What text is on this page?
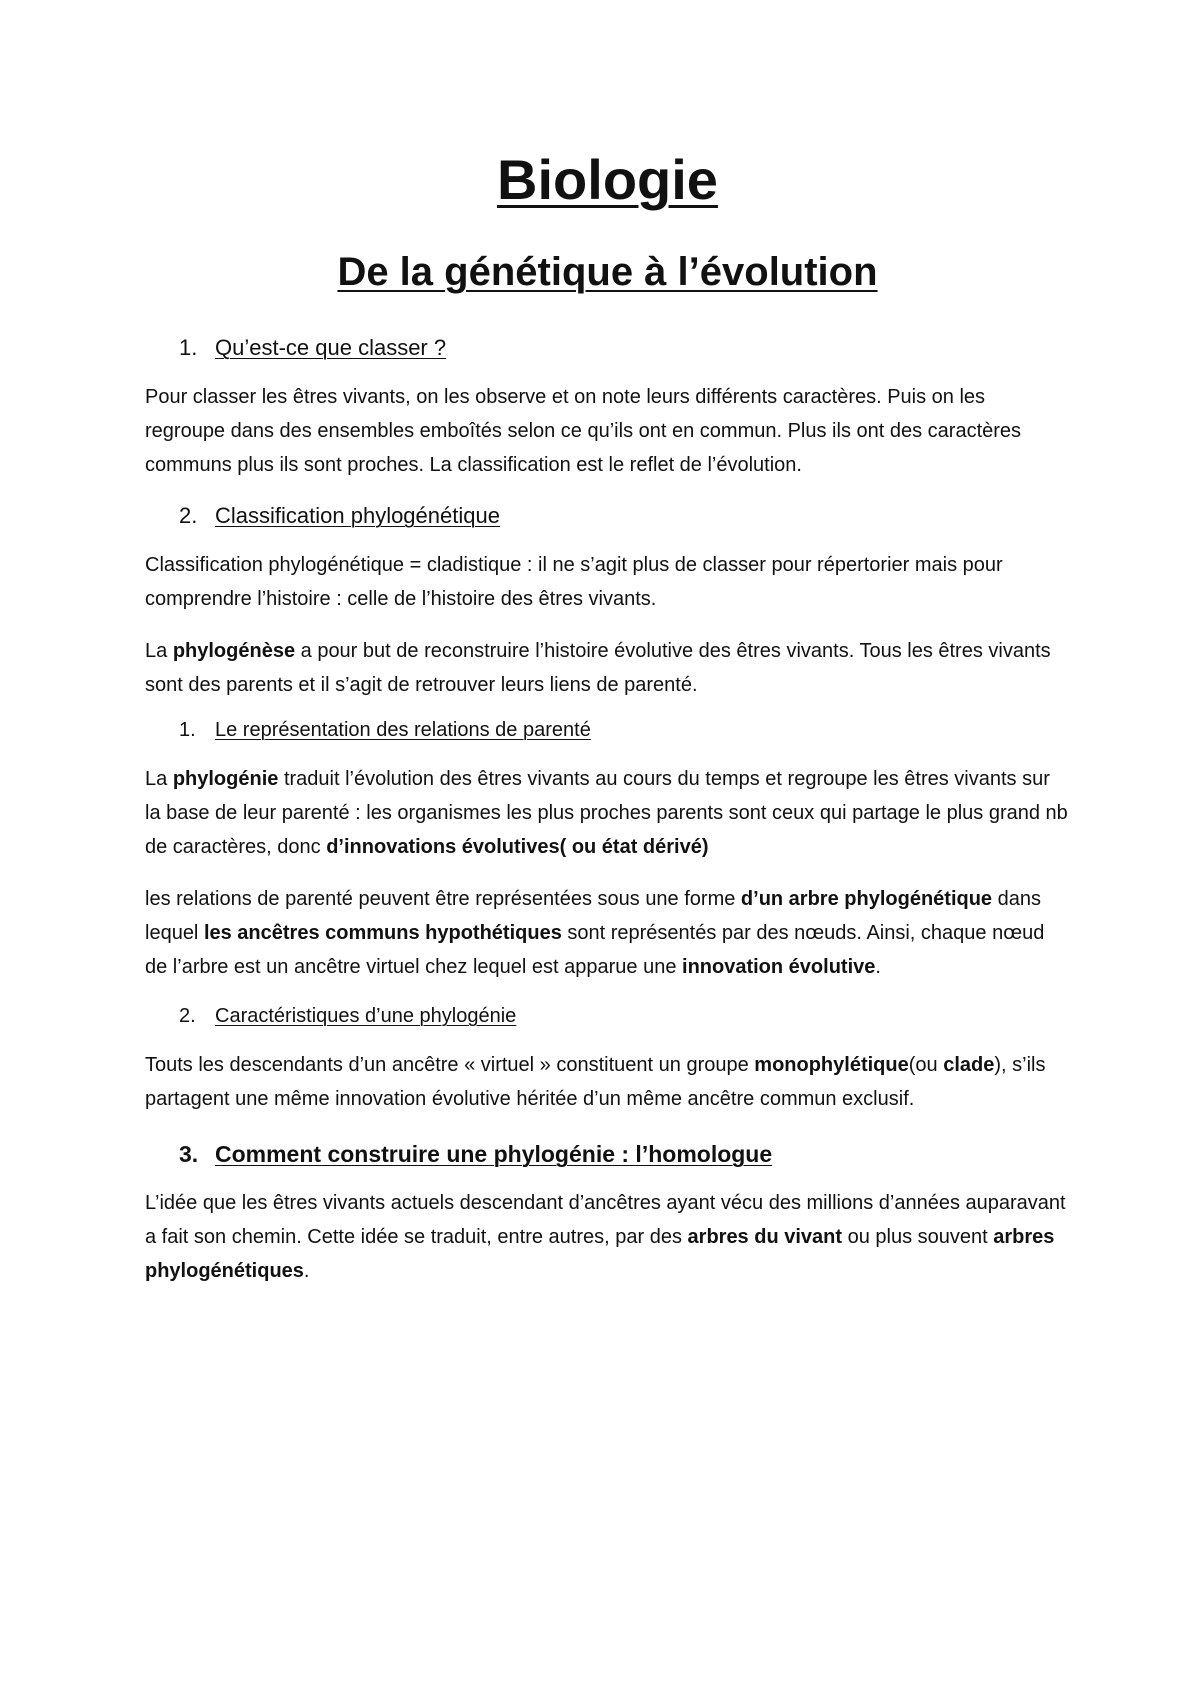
Biologie
De la génétique à l’évolution
1. Qu’est-ce que classer ?

Pour classer les êtres vivants, on les observe et on note leurs différents caractères. Puis on les regroupe dans des ensembles emboîtés selon ce qu’ils ont en commun. Plus ils ont des caractères communs plus ils sont proches. La classification est le reflet de l’évolution.

2. Classification phylogénétique

Classification phylogénétique = cladistique : il ne s’agit plus de classer pour répertorier mais pour comprendre l’histoire : celle de l’histoire des êtres vivants.

La phylogénèse a pour but de reconstruire l’histoire évolutive des êtres vivants. Tous les êtres vivants sont des parents et il s’agit de retrouver leurs liens de parenté.

1. Le représentation des relations de parenté

La phylogénie traduit l’évolution des êtres vivants au cours du temps et regroupe les êtres vivants sur la base de leur parenté : les organismes les plus proches parents sont ceux qui partage le plus grand nb de caractères, donc d’innovations évolutives( ou état dérivé)

les relations de parenté peuvent être représentées sous une forme d’un arbre phylogénétique dans lequel les ancêtres communs hypothétiques sont représentés par des nœuds. Ainsi, chaque nœud de l’arbre est un ancêtre virtuel chez lequel est apparue une innovation évolutive.

2. Caractéristiques d’une phylogénie

Touts les descendants d’un ancêtre « virtuel » constituent un groupe monophylétique(ou clade), s’ils partagent une même innovation évolutive héritée d’un même ancêtre commun exclusif.

3. Comment construire une phylogénie : l’homologue

L’idée que les êtres vivants actuels descendant d’ancêtres ayant vécu des millions d’années auparavant a fait son chemin. Cette idée se traduit, entre autres, par des arbres du vivant ou plus souvent arbres phylogénétiques.
